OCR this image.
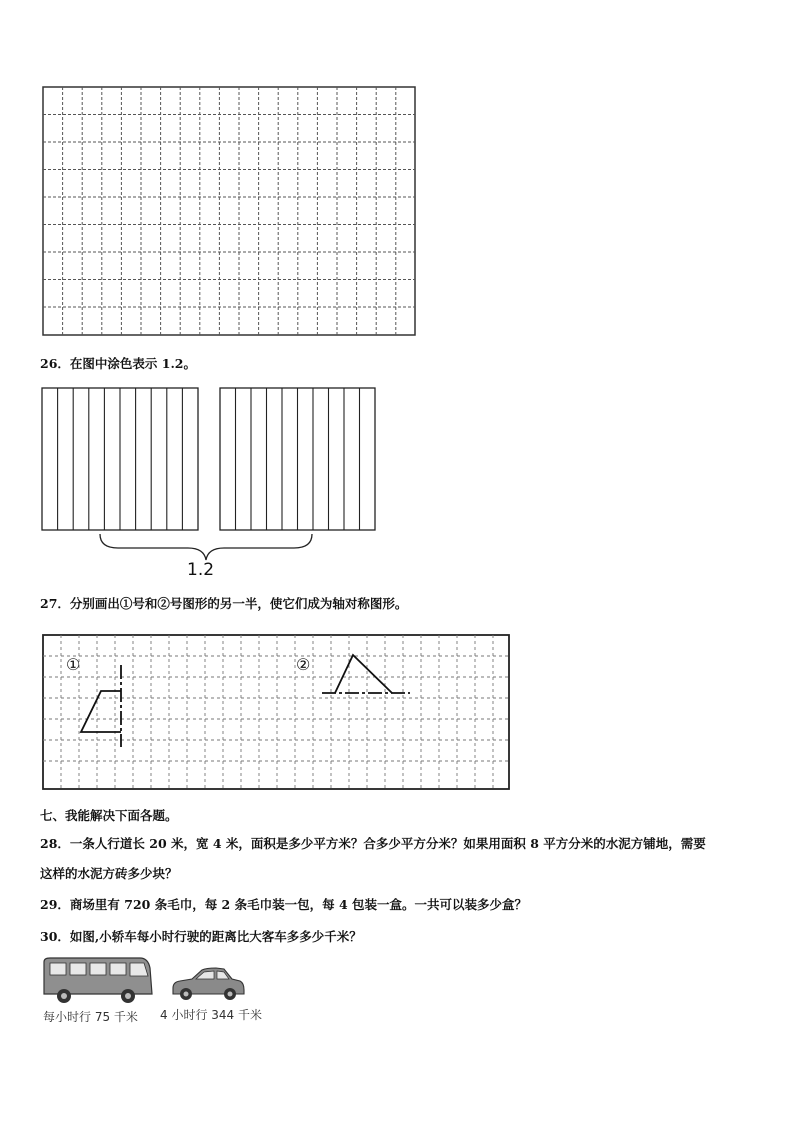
26．在图中涂色表示 1.2。
1.2
27．分别画出①号和②号图形的另一半，使它们成为轴对称图形。
①	②
七、我能解决下面各题。
28．一条人行道长 20 米，宽 4 米，面积是多少平方米？合多少平方分米？如果用面积 8 平方分米的水泥方铺地，需要
这样的水泥方砖多少块？
29．商场里有 720 条毛巾，每 2 条毛巾装一包，每 4 包装一盒。一共可以装多少盒？
30．如图,小轿车每小时行驶的距离比大客车多多少千米？
每小时行 75 千米 4 小时行 344 千米
